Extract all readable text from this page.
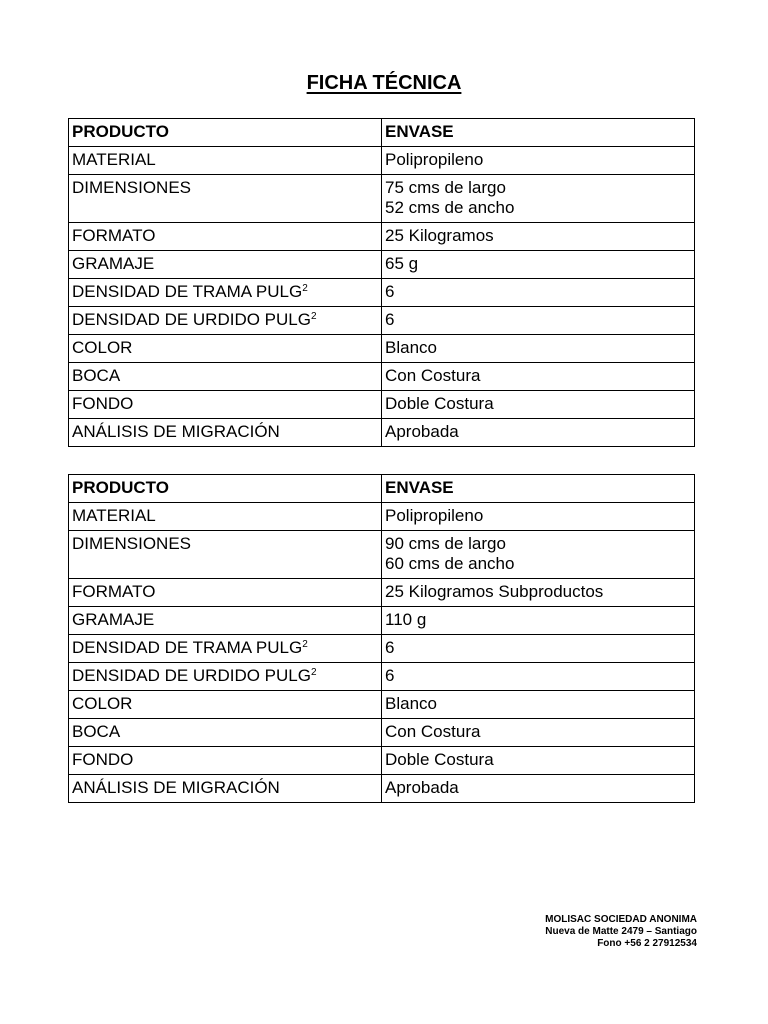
FICHA TÉCNICA
PRODUCTO	ENVASE
MATERIAL	Polipropileno
DIMENSIONES	75 cms de largo
52 cms de ancho

FORMATO	25 Kilogramos
GRAMAJE	65 g
DENSIDAD DE TRAMA PULG$^2$	6
DENSIDAD DE URDIDO PULG$^2$	6
COLOR	Blanco
BOCA	Con Costura
FONDO	Doble Costura
ANÁLISIS DE MIGRACIÓN	Aprobada
PRODUCTO	ENVASE
MATERIAL	Polipropileno
DIMENSIONES	90 cms de largo
60 cms de ancho

FORMATO	25 Kilogramos Subproductos
GRAMAJE	110 g
DENSIDAD DE TRAMA PULG$^2$	6
DENSIDAD DE URDIDO PULG$^2$	6
COLOR	Blanco
BOCA	Con Costura
FONDO	Doble Costura
ANÁLISIS DE MIGRACIÓN	Aprobada
MOLISAC SOCIEDAD ANONIMA
Nueva de Matte 2479 – Santiago
Fono +56 2 27912534
